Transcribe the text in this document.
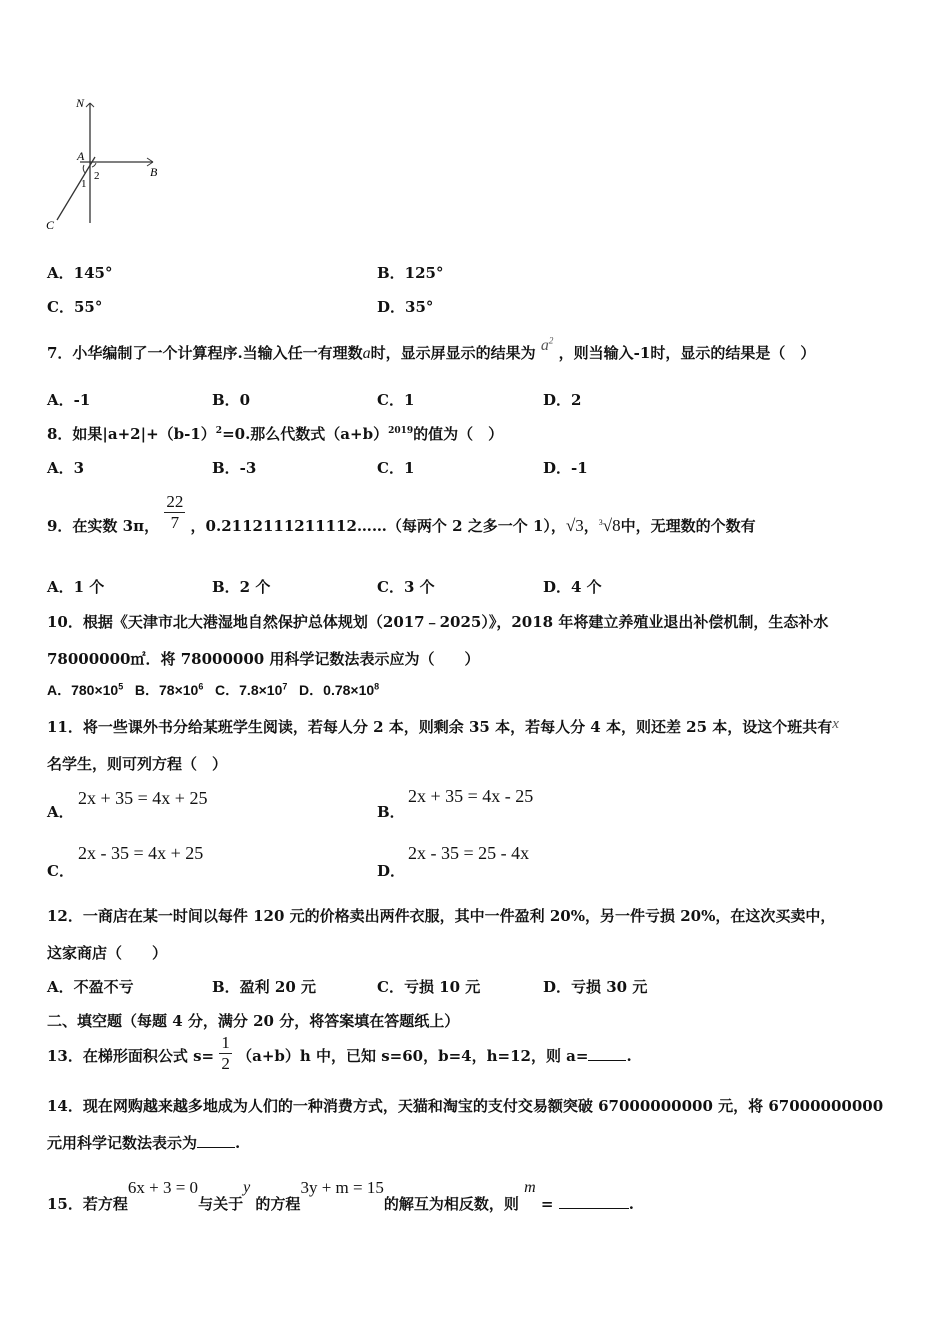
N
A
B
C
1
2
A．145°	B．125°
C．55°	D．35°
7．小华编制了一个计算程序.当输入任一有理数a时，显示屏显示的结果为 $a^2$ ，则当输入-1时，显示的结果是（　）
A．-1	B．0	C．1	D．2
8．如果$|a+2|+(b-1)^2=0$.那么代数式$(a+b)^{2019}$的值为（　）
A．3	B．-3	C．1	D．-1
9．在实数 3π， $\frac{22}{7}$ ，0.2112111211112……（每两个 2 之多一个 1），√3，$^3$√8中，无理数的个数有
A．1 个	B．2 个	C．3 个	D．4 个
10．根据《天津市北大港湿地自然保护总体规划（2017﹣2025）》，2018 年将建立养殖业退出补偿机制，生态补水
78000000㎡．将 78000000 用科学记数法表示应为（　　）
A．$780\times 10^5$ B．$78\times 10^6$ C．$7.8\times 10^7$ D．$0.78\times 10^8$
11．将一些课外书分给某班学生阅读，若每人分 2 本，则剩余 35 本，若每人分 4 本，则还差 25 本，设这个班共有x
名学生，则可列方程（　）
A．
2x + 35 = 4x + 25
B．
2x + 35 = 4x - 25
C．
2x - 35 = 4x + 25
D．
2x - 35 = 25 - 4x
12．一商店在某一时间以每件 120 元的价格卖出两件衣服，其中一件盈利 20%，另一件亏损 20%，在这次买卖中，
这家商店（　　）
A．不盈不亏	B．盈利 20 元	C．亏损 10 元	D．亏损 30 元
二、填空题（每题 4 分，满分 20 分，将答案填在答题纸上）
13．在梯形面积公式 $s= \frac{1}{2} (a+b)h$ 中，已知 s=60，b=4，h=12，则 a=	.
14．现在网购越来越多地成为人们的一种消费方式，天猫和淘宝的支付交易额突破 67000000000 元，将 67000000000
元用科学记数法表示为	.
15．若方程6x + 3 = 0与关于y 的方程3y + m = 15的解互为相反数，则 m =	.
